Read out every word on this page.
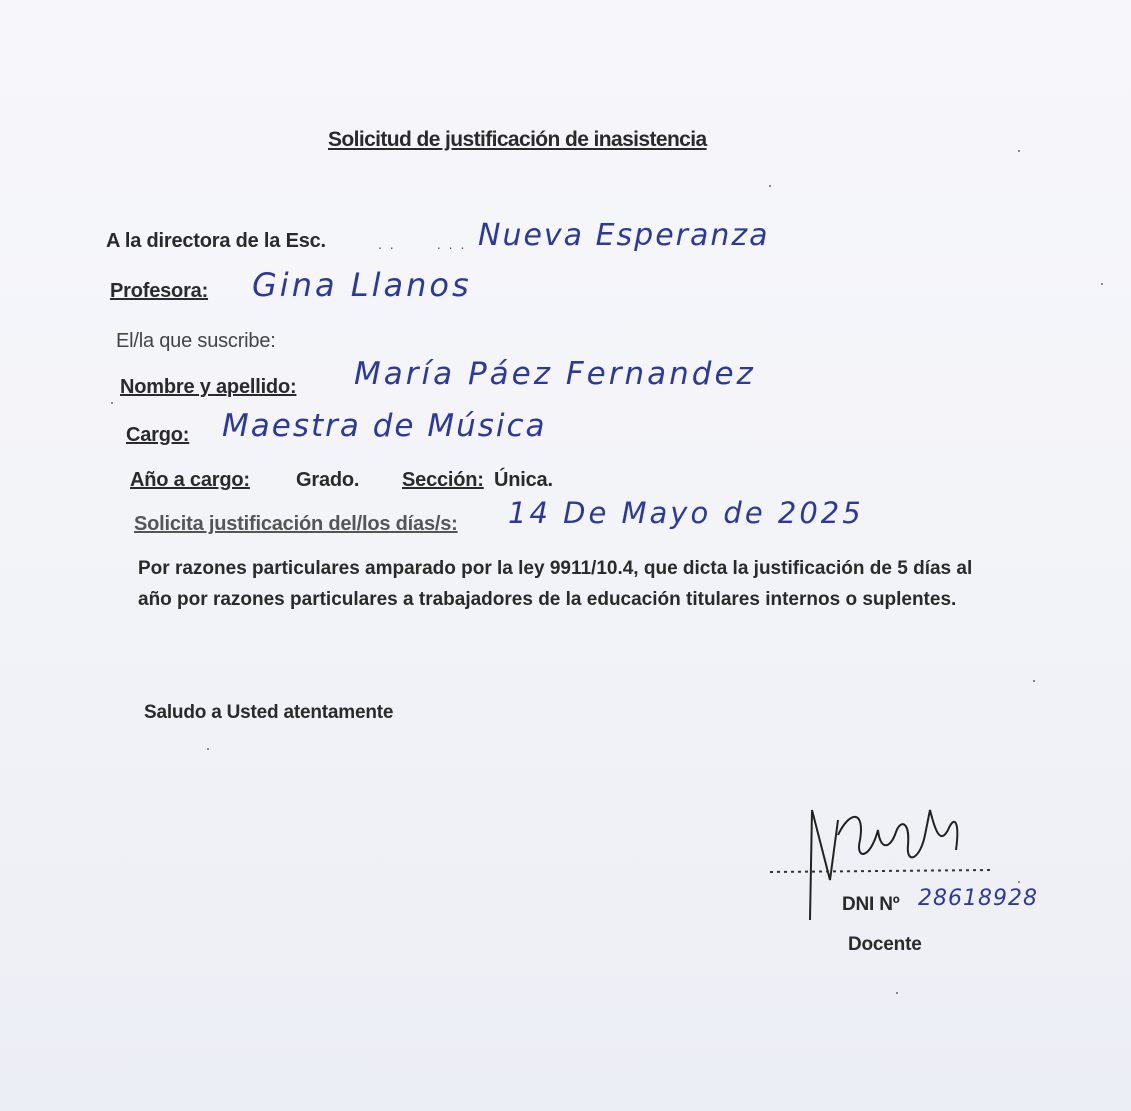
Solicitud de justificación de inasistencia
A la directora de la Esc.	. .       . . . Nueva Esperanza
Profesora: Gina Llanos
El/la que suscribe:
Nombre y apellido: María Páez Fernandez
Cargo: Maestra de Música
Año a cargo: Grado. Sección: Única.
Solicita justificación del/los días/s: 14 De Mayo de 2025
Por razones particulares amparado por la ley 9911/10.4, que dicta la justificación de 5 días al año por razones particulares a trabajadores de la educación titulares internos o suplentes.
Saludo a Usted atentamente
DNI Nº 28618928
Docente
